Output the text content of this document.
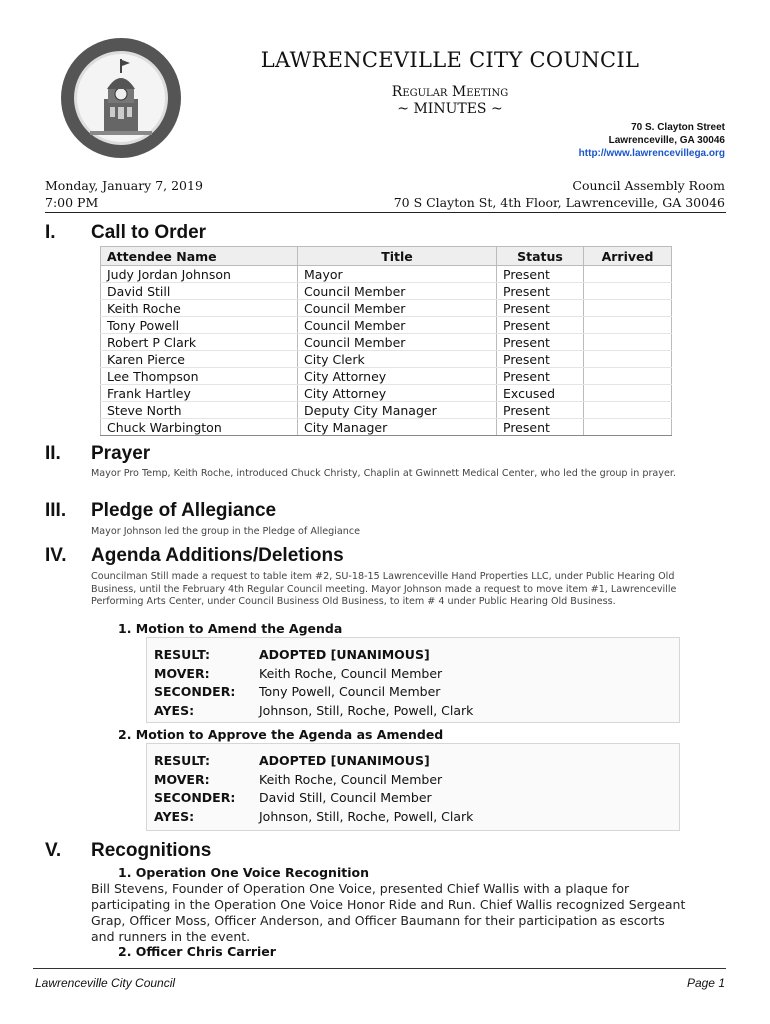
LAWRENCEVILLE CITY COUNCIL
Regular Meeting
~ MINUTES ~
70 S. Clayton Street
Lawrenceville, GA 30046
http://www.lawrencevillega.org
Monday, January 7, 2019
7:00 PM
Council Assembly Room
70 S Clayton St, 4th Floor, Lawrenceville, GA 30046
I. Call to Order
Attendee Name	Title	Status	Arrived
Judy Jordan Johnson	Mayor	Present	
David Still	Council Member	Present	
Keith Roche	Council Member	Present	
Tony Powell	Council Member	Present	
Robert P Clark	Council Member	Present	
Karen Pierce	City Clerk	Present	
Lee Thompson	City Attorney	Present	
Frank Hartley	City Attorney	Excused	
Steve North	Deputy City Manager	Present	
Chuck Warbington	City Manager	Present	
II. Prayer
Mayor Pro Temp, Keith Roche, introduced Chuck Christy, Chaplin at Gwinnett Medical Center, who led the group in prayer.
III. Pledge of Allegiance
Mayor Johnson led the group in the Pledge of Allegiance
IV. Agenda Additions/Deletions
Councilman Still made a request to table item #2, SU-18-15 Lawrenceville Hand Properties LLC, under Public Hearing Old Business, until the February 4th Regular Council meeting. Mayor Johnson made a request to move item #1, Lawrenceville Performing Arts Center, under Council Business Old Business, to item # 4 under Public Hearing Old Business.
1. Motion to Amend the Agenda
RESULT:	ADOPTED [UNANIMOUS]
MOVER:	Keith Roche, Council Member
SECONDER: Tony Powell, Council Member
AYES:	Johnson, Still, Roche, Powell, Clark
2. Motion to Approve the Agenda as Amended
RESULT:	ADOPTED [UNANIMOUS]
MOVER:	Keith Roche, Council Member
SECONDER: David Still, Council Member
AYES:	Johnson, Still, Roche, Powell, Clark
V. Recognitions
1. Operation One Voice Recognition
Bill Stevens, Founder of Operation One Voice, presented Chief Wallis with a plaque for participating in the Operation One Voice Honor Ride and Run. Chief Wallis recognized Sergeant Grap, Officer Moss, Officer Anderson, and Officer Baumann for their participation as escorts and runners in the event.
2. Officer Chris Carrier
Lawrenceville City Council	Page 1
